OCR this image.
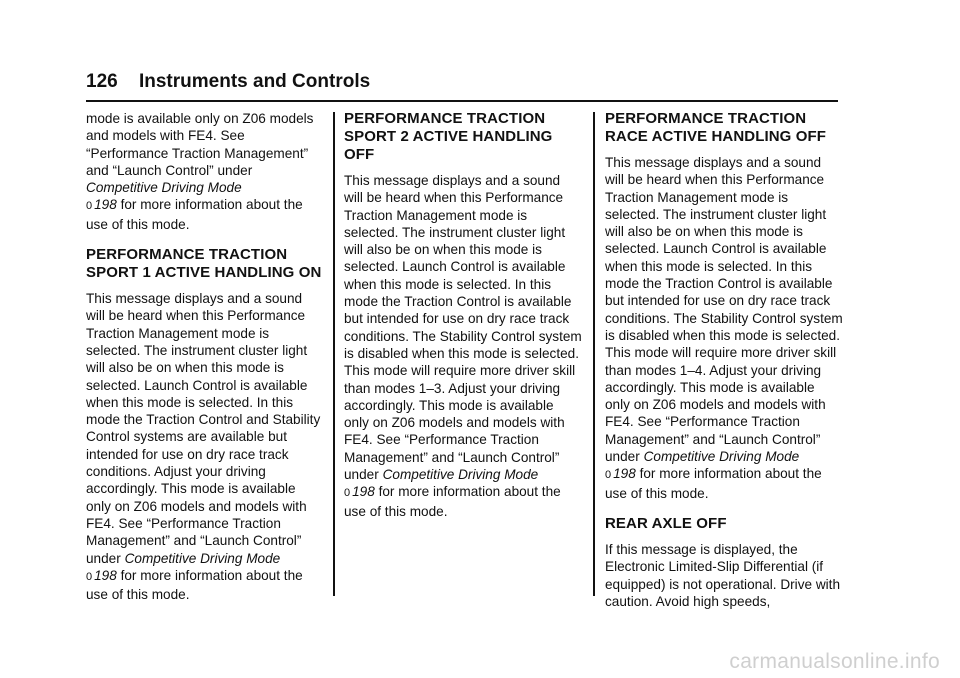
126 Instruments and Controls

mode is available only on Z06 models and models with FE4. See “Performance Traction Management” and “Launch Control” under Competitive Driving Mode
0 198 for more information about the use of this mode.

PERFORMANCE TRACTION SPORT 1 ACTIVE HANDLING ON

This message displays and a sound will be heard when this Performance Traction Management mode is selected. The instrument cluster light will also be on when this mode is selected. Launch Control is available when this mode is selected. In this mode the Traction Control and Stability Control systems are available but intended for use on dry race track conditions. Adjust your driving accordingly. This mode is available only on Z06 models and models with FE4. See “Performance Traction Management” and “Launch Control” under Competitive Driving Mode
0 198 for more information about the use of this mode.

PERFORMANCE TRACTION SPORT 2 ACTIVE HANDLING OFF

This message displays and a sound will be heard when this Performance Traction Management mode is selected. The instrument cluster light will also be on when this mode is selected. Launch Control is available when this mode is selected. In this mode the Traction Control is available but intended for use on dry race track conditions. The Stability Control system is disabled when this mode is selected. This mode will require more driver skill than modes 1–3. Adjust your driving accordingly. This mode is available only on Z06 models and models with FE4. See “Performance Traction Management” and “Launch Control” under Competitive Driving Mode
0 198 for more information about the use of this mode.

PERFORMANCE TRACTION RACE ACTIVE HANDLING OFF

This message displays and a sound will be heard when this Performance Traction Management mode is selected. The instrument cluster light will also be on when this mode is selected. Launch Control is available when this mode is selected. In this mode the Traction Control is available but intended for use on dry race track conditions. The Stability Control system is disabled when this mode is selected. This mode will require more driver skill than modes 1–4. Adjust your driving accordingly. This mode is available only on Z06 models and models with FE4. See “Performance Traction Management” and “Launch Control” under Competitive Driving Mode
0 198 for more information about the use of this mode.

REAR AXLE OFF

If this message is displayed, the Electronic Limited-Slip Differential (if equipped) is not operational. Drive with caution. Avoid high speeds,

carmanualsonline.info
